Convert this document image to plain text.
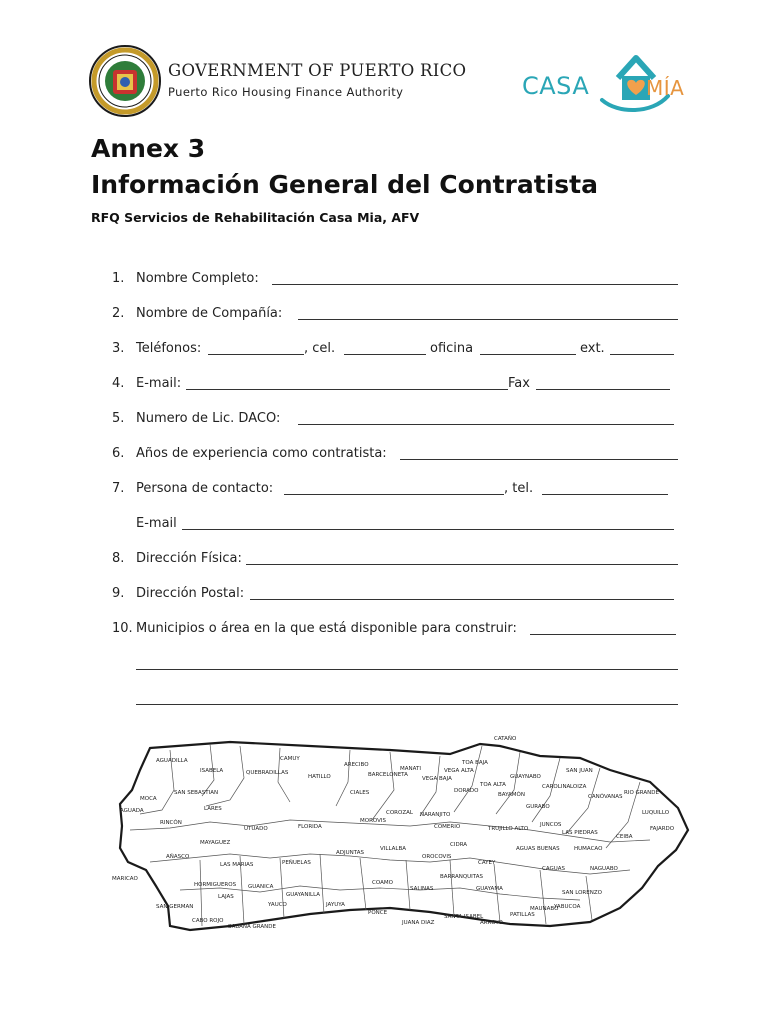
GOVERNMENT OF PUERTO RICO
Puerto Rico Housing Finance Authority	CASA	MÍA
Annex 3
Información General del Contratista
RFQ Servicios de Rehabilitación Casa Mia, AFV
1. Nombre Completo:
2. Nombre de Compañía:
3. Teléfonos:	, cel.	oficina	ext.
4. E-mail:	Fax
5. Numero de Lic. DACO:
6. Años de experiencia como contratista:
7. Persona de contacto:	, tel.
E-mail
8. Dirección Física:
9. Dirección Postal:
10. Municipios o área en la que está disponible para construir:
CATAÑO
TOA BAJA
AGUADILLA
ISABELA	QUEBRADILLAS
CAMUY
HATILLO
ARECIBO
BARCELONETA
MANATI
VEGA BAJA
VEGA ALTA
DORADO
TOA ALTA
BAYAMÓN
GUAYNABO
SAN JUAN
CAROLINA LOIZA
CANÓVANAS
RIO GRANDE
LUQUILLO
FAJARDO
CEIBA
NAGUABO
HUMACAO
LAS PIEDRAS
JUNCOS
GURABO
TRUJILLO ALTO
AGUAS BUENAS
CAGUAS
SAN LORENZO
YABUCOA
MAUNABO
PATILLAS
ARROYO
GUAYAMA
CAYEY
CIDRA
COMERIO
NARANJITO
COROZAL
MOROVIS
CIALES
FLORIDA
UTUADO
LARES
SAN SEBASTIAN
MOCA
AGUADA
RINCÓN
AÑASCO
MAYAGUEZ
LAS MARIAS
MARICAO
HORMIGUEROS
SAN GERMAN
CABO ROJO
LAJAS
SABANA GRANDE
GUANICA
YAUCO
GUAYANILLA
PEÑUELAS
ADJUNTAS
JAYUYA
PONCE
JUANA DIAZ
SANTA ISABEL
SALINAS
COAMO
VILLALBA
OROCOVIS
BARRANQUITAS
